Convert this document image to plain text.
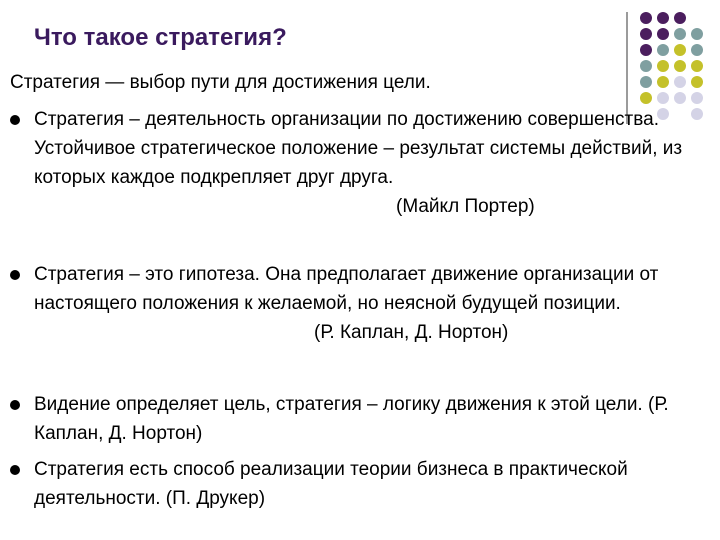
Что такое стратегия?
Стратегия — выбор пути для достижения цели.
Стратегия – деятельность организации по достижению совершенства. Устойчивое стратегическое положение – результат системы действий, из которых каждое подкрепляет друг друга.
(Майкл Портер)
Стратегия – это гипотеза. Она предполагает движение организации от настоящего положения к желаемой, но неясной будущей позиции.
(Р. Каплан, Д. Нортон)
Видение определяет цель, стратегия – логику движения к этой цели. (Р. Каплан, Д. Нортон)
Стратегия есть способ реализации теории бизнеса в практической деятельности. (П. Друкер)
